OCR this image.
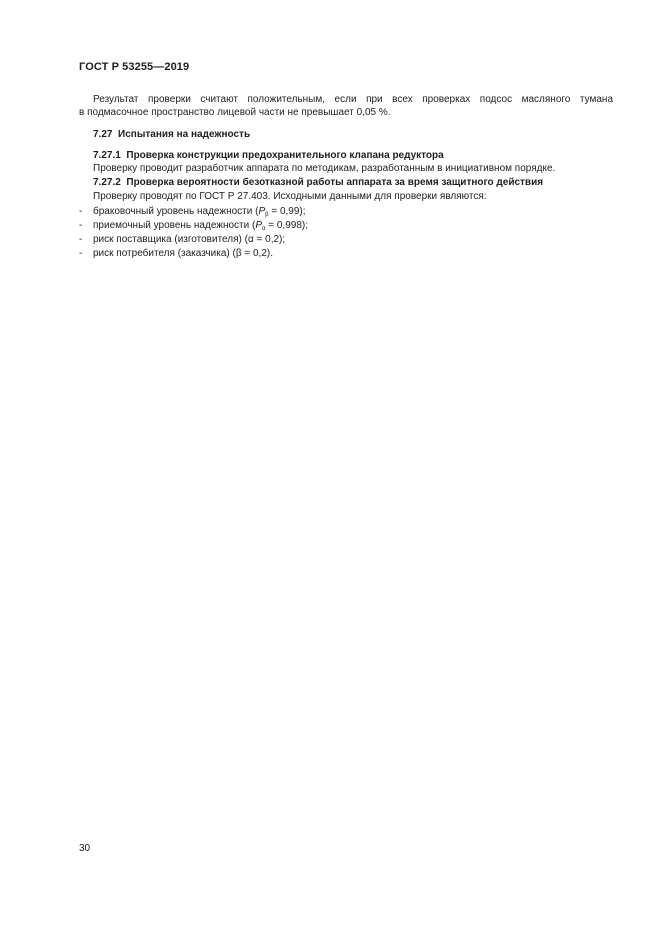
ГОСТ Р 53255—2019
Результат проверки считают положительным, если при всех проверках подсос масляного тумана
в подмасочное пространство лицевой части не превышает 0,05 %.
7.27 Испытания на надежность
7.27.1 Проверка конструкции предохранительного клапана редуктора
Проверку проводит разработчик аппарата по методикам, разработанным в инициативном порядке.
7.27.2 Проверка вероятности безотказной работы аппарата за время защитного действия
Проверку проводят по ГОСТ Р 27.403. Исходными данными для проверки являются:
- браковочный уровень надежности $(P_\beta = 0,99)$;
- приемочный уровень надежности $(P_\alpha = 0,998)$;
- риск поставщика (изготовителя) (α = 0,2);
- риск потребителя (заказчика) (β = 0,2).
30
